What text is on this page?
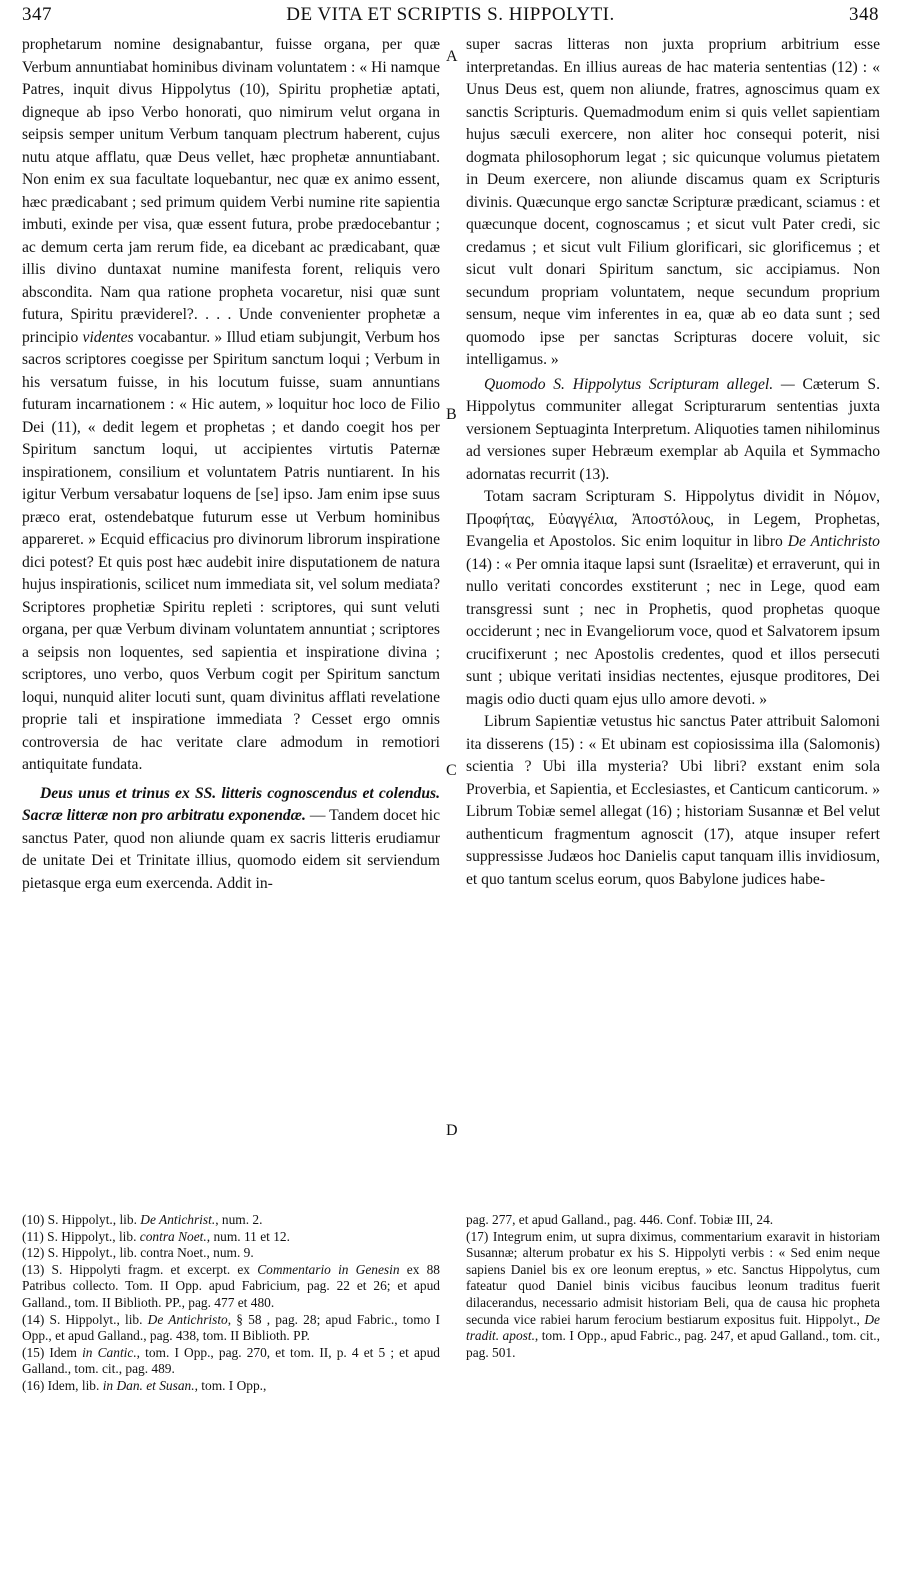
347	DE VITA ET SCRIPTIS S. HIPPOLYTI.	348

prophetarum nomine designabantur, fuisse organa, per quæ Verbum annuntiabat hominibus divinam voluntatem : « Hi namque Patres, inquit divus Hippolytus (10), Spiritu prophetiæ aptati, digneque ab ipso Verbo honorati, quo nimirum velut organa in seipsis semper unitum Verbum tanquam plectrum haberent, cujus nutu atque afflatu, quæ Deus vellet, hæc prophetæ annuntiabant. Non enim ex sua facultate loquebantur, nec quæ ex animo essent, hæc prædicabant ; sed primum quidem Verbi numine rite sapientia imbuti, exinde per visa, quæ essent futura, probe prædocebantur ; ac demum certa jam rerum fide, ea dicebant ac prædicabant, quæ illis divino duntaxat numine manifesta forent, reliquis vero abscondita. Nam qua ratione propheta vocaretur, nisi quæ sunt futura, Spiritu præviderel?. . . . Unde convenienter prophetæ a principio videntes vocabantur. » Illud etiam subjungit, Verbum hos sacros scriptores coegisse per Spiritum sanctum loqui ; Verbum in his versatum fuisse, in his locutum fuisse, suam annuntians futuram incarnationem : « Hic autem, » loquitur hoc loco de Filio Dei (11), « dedit legem et prophetas ; et dando coegit hos per Spiritum sanctum loqui, ut accipientes virtutis Paternæ inspirationem, consilium et voluntatem Patris nuntiarent. In his igitur Verbum versabatur loquens de [se] ipso. Jam enim ipse suus præco erat, ostendebatque futurum esse ut Verbum hominibus appareret. » Ecquid efficacius pro divinorum librorum inspiratione dici potest? Et quis post hæc audebit inire disputationem de natura hujus inspirationis, scilicet num immediata sit, vel solum mediata? Scriptores prophetiæ Spiritu repleti : scriptores, qui sunt veluti organa, per quæ Verbum divinam voluntatem annuntiat ; scriptores a seipsis non loquentes, sed sapientia et inspiratione divina ; scriptores, uno verbo, quos Verbum cogit per Spiritum sanctum loqui, nunquid aliter locuti sunt, quam divinitus afflati revelatione proprie tali et inspiratione immediata ? Cesset ergo omnis controversia de hac veritate clare admodum in remotiori antiquitate fundata.

Deus unus et trinus ex SS. litteris cognoscendus et colendus. Sacræ litteræ non pro arbitratu exponendæ. — Tandem docet hic sanctus Pater, quod non aliunde quam ex sacris litteris erudiamur de unitate Dei et Trinitate illius, quomodo eidem sit serviendum pietasque erga eum exercenda. Addit in-

A
B
C
D

super sacras litteras non juxta proprium arbitrium esse interpretandas. En illius aureas de hac materia sententias (12) : « Unus Deus est, quem non aliunde, fratres, agnoscimus quam ex sanctis Scripturis. Quemadmodum enim si quis vellet sapientiam hujus sæculi exercere, non aliter hoc consequi poterit, nisi dogmata philosophorum legat ; sic quicunque volumus pietatem in Deum exercere, non aliunde discamus quam ex Scripturis divinis. Quæcunque ergo sanctæ Scripturæ prædicant, sciamus : et quæcunque docent, cognoscamus ; et sicut vult Pater credi, sic credamus ; et sicut vult Filium glorificari, sic glorificemus ; et sicut vult donari Spiritum sanctum, sic accipiamus. Non secundum propriam voluntatem, neque secundum proprium sensum, neque vim inferentes in ea, quæ ab eo data sunt ; sed quomodo ipse per sanctas Scripturas docere voluit, sic intelligamus. »

Quomodo S. Hippolytus Scripturam allegel. — Cæterum S. Hippolytus communiter allegat Scripturarum sententias juxta versionem Septuaginta Interpretum. Aliquoties tamen nihilominus ad versiones super Hebræum exemplar ab Aquila et Symmacho adornatas recurrit (13).

Totam sacram Scripturam S. Hippolytus dividit in Νόμον, Προφήτας, Εὐαγγέλια, Ἀποστόλους, in Legem, Prophetas, Evangelia et Apostolos. Sic enim loquitur in libro De Antichristo (14) : « Per omnia itaque lapsi sunt (Israelitæ) et erraverunt, qui in nullo veritati concordes exstiterunt ; nec in Lege, quod eam transgressi sunt ; nec in Prophetis, quod prophetas quoque occiderunt ; nec in Evangeliorum voce, quod et Salvatorem ipsum crucifixerunt ; nec Apostolis credentes, quod et illos persecuti sunt ; ubique veritati insidias nectentes, ejusque proditores, Dei magis odio ducti quam ejus ullo amore devoti. »

Librum Sapientiæ vetustus hic sanctus Pater attribuit Salomoni ita disserens (15) : « Et ubinam est copiosissima illa (Salomonis) scientia ? Ubi illa mysteria? Ubi libri? exstant enim sola Proverbia, et Sapientia, et Ecclesiastes, et Canticum canticorum. » Librum Tobiæ semel allegat (16) ; historiam Susannæ et Bel velut authenticum fragmentum agnoscit (17), atque insuper refert suppressisse Judæos hoc Danielis caput tanquam illis invidiosum, et quo tantum scelus eorum, quos Babylone judices habe-

(10) S. Hippolyt., lib. De Antichrist., num. 2.

(11) S. Hippolyt., lib. contra Noet., num. 11 et 12.

(12) S. Hippolyt., lib. contra Noet., num. 9.

(13) S. Hippolyti fragm. et excerpt. ex Commentario in Genesin ex 88 Patribus collecto. Tom. II Opp. apud Fabricium, pag. 22 et 26; et apud Galland., tom. II Biblioth. PP., pag. 477 et 480.

(14) S. Hippolyt., lib. De Antichristo, § 58 , pag. 28; apud Fabric., tomo I Opp., et apud Galland., pag. 438, tom. II Biblioth. PP.

(15) Idem in Cantic., tom. I Opp., pag. 270, et tom. II, p. 4 et 5 ; et apud Galland., tom. cit., pag. 489.

(16) Idem, lib. in Dan. et Susan., tom. I Opp.,

pag. 277, et apud Galland., pag. 446. Conf. Tobiæ III, 24.

(17) Integrum enim, ut supra diximus, commentarium exaravit in historiam Susannæ; alterum probatur ex his S. Hippolyti verbis : « Sed enim neque sapiens Daniel bis ex ore leonum ereptus, » etc. Sanctus Hippolytus, cum fateatur quod Daniel binis vicibus faucibus leonum traditus fuerit dilacerandus, necessario admisit historiam Beli, qua de causa hic propheta secunda vice rabiei harum ferocium bestiarum expositus fuit. Hippolyt., De tradit. apost., tom. I Opp., apud Fabric., pag. 247, et apud Galland., tom. cit., pag. 501.
